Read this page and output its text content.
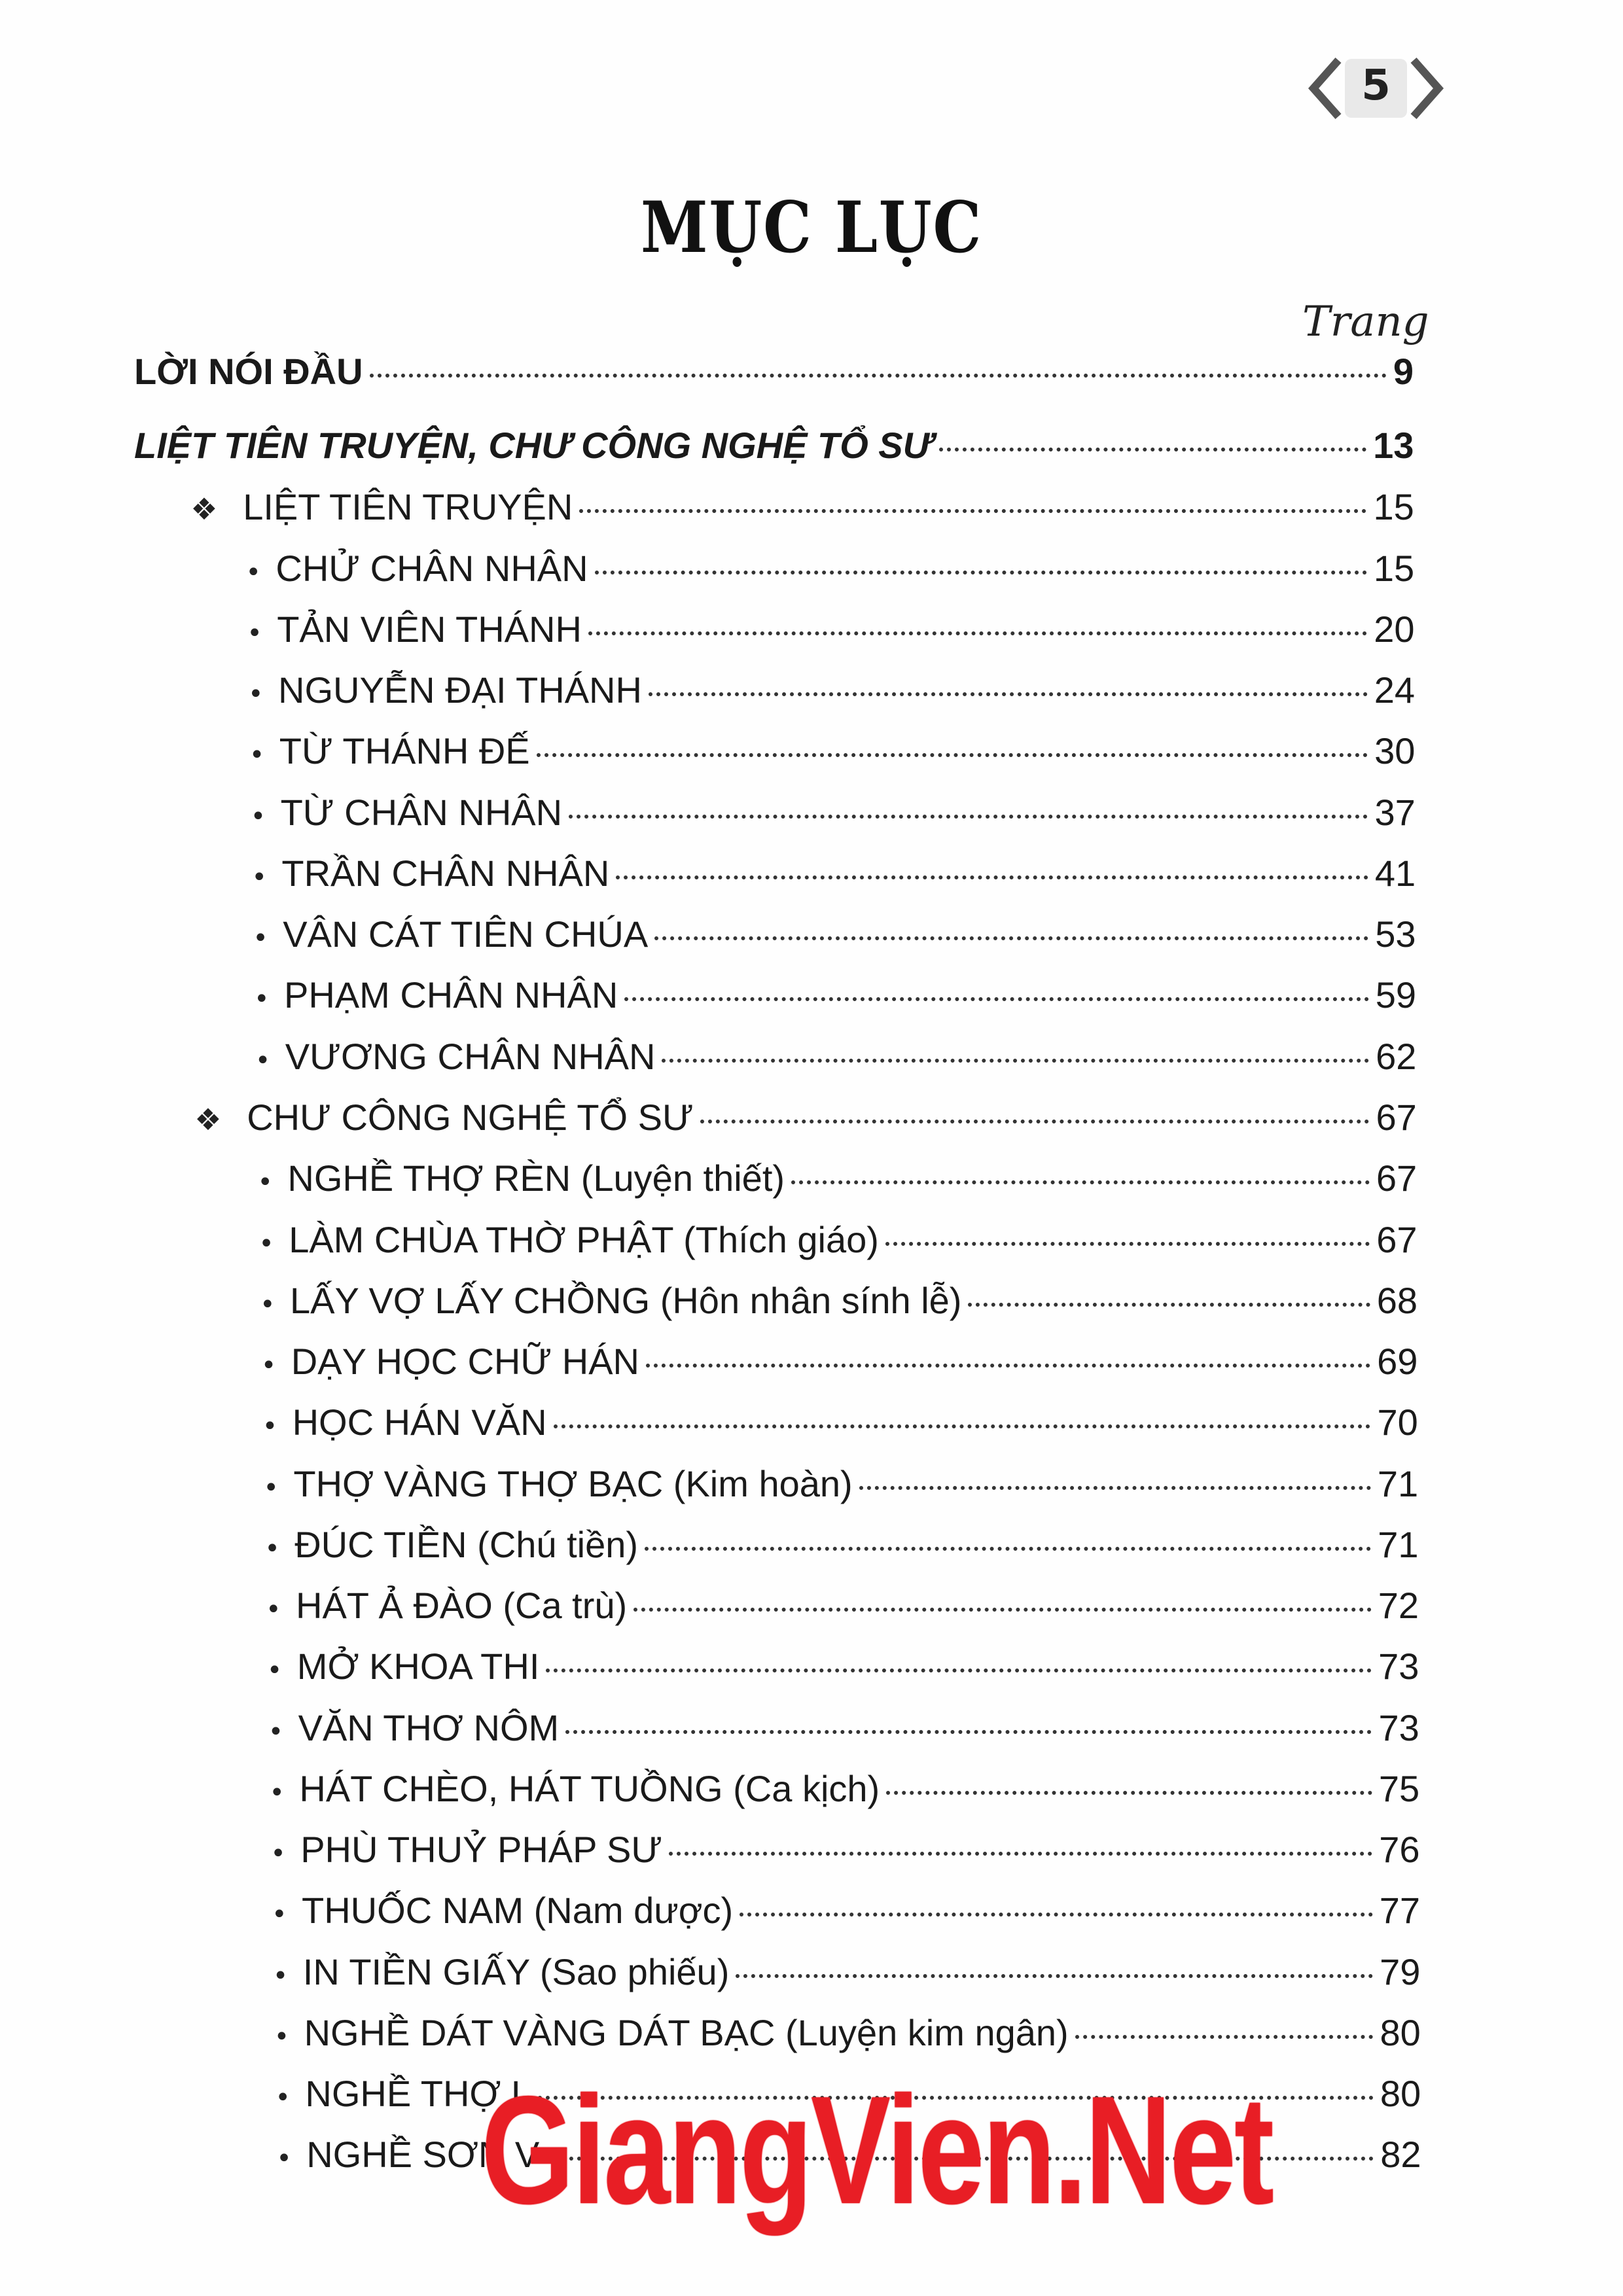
5
MỤC LỤC
Trang
LỜI NÓI ĐẦU	9
LIỆT TIÊN TRUYỆN, CHƯ CÔNG NGHỆ TỔ SƯ	13
❖ LIỆT TIÊN TRUYỆN	15
• CHỬ CHÂN NHÂN	15
• TẢN VIÊN THÁNH	20
• NGUYỄN ĐẠI THÁNH	24
• TỪ THÁNH ĐẾ	30
• TỪ CHÂN NHÂN	37
• TRẦN CHÂN NHÂN	41
• VÂN CÁT TIÊN CHÚA	53
• PHẠM CHÂN NHÂN	59
• VƯƠNG CHÂN NHÂN	62
❖ CHƯ CÔNG NGHỆ TỔ SƯ	67
• NGHỀ THỢ RÈN (Luyện thiết)	67
• LÀM CHÙA THỜ PHẬT (Thích giáo)	67
• LẤY VỢ LẤY CHỒNG (Hôn nhân sính lễ)	68
• DẠY HỌC CHỮ HÁN	69
• HỌC HÁN VĂN	70
• THỢ VÀNG THỢ BẠC (Kim hoàn)	71
• ĐÚC TIỀN (Chú tiền)	71
• HÁT Ả ĐÀO (Ca trù)	72
• MỞ KHOA THI	73
• VĂN THƠ NÔM	73
• HÁT CHÈO, HÁT TUỒNG (Ca kịch)	75
• PHÙ THUỶ PHÁP SƯ	76
• THUỐC NAM (Nam dược)	77
• IN TIỀN GIẤY (Sao phiếu)	79
• NGHỀ DÁT VÀNG DÁT BẠC (Luyện kim ngân)	80
• NGHỀ THỢ L	80
• NGHỀ SƠN V	82
GiangVien.Net
